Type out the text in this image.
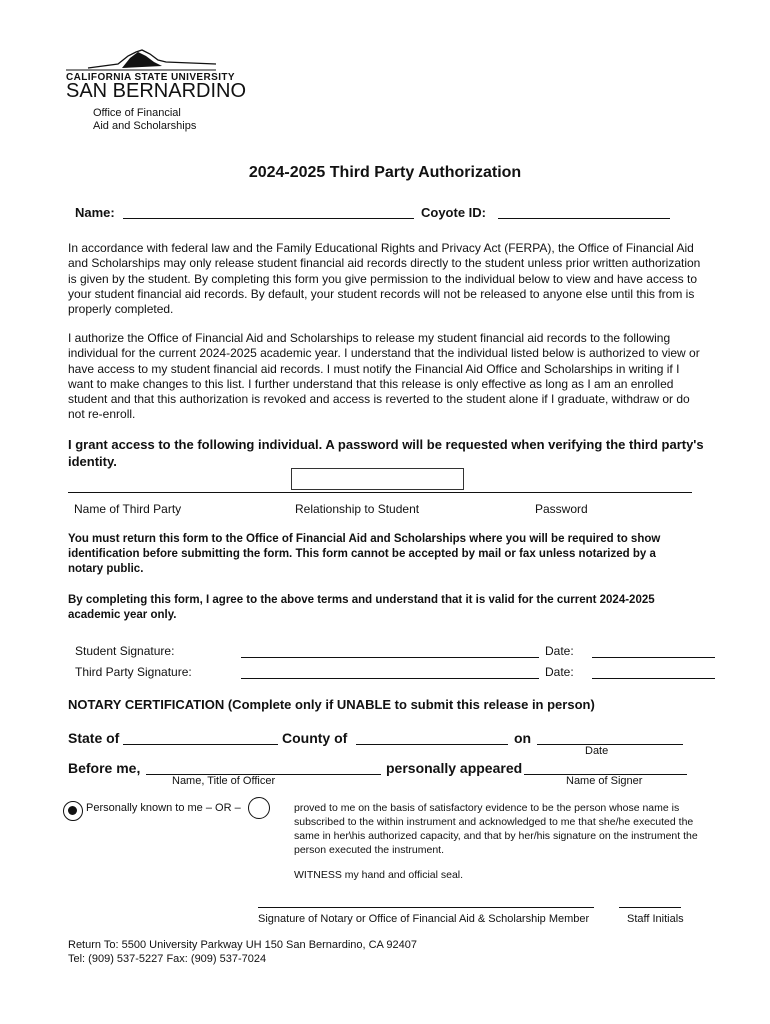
CALIFORNIA STATE UNIVERSITY
SAN BERNARDINO
Office of Financial
Aid and Scholarships
2024-2025 Third Party Authorization
Name:	Coyote ID:
In accordance with federal law and the Family Educational Rights and Privacy Act (FERPA), the Office of Financial Aid and Scholarships may only release student financial aid records directly to the student unless prior written authorization is given by the student. By completing this form you give permission to the individual below to view and have access to your student financial aid records. By default, your student records will not be released to anyone else until this from is properly completed.
I authorize the Office of Financial Aid and Scholarships to release my student financial aid records to the following individual for the current 2024-2025 academic year. I understand that the individual listed below is authorized to view or have access to my student financial aid records. I must notify the Financial Aid Office and Scholarships in writing if I want to make changes to this list. I further understand that this release is only effective as long as I am an enrolled student and that this authorization is revoked and access is reverted to the student alone if I graduate, withdraw or do not re-enroll.
I grant access to the following individual. A password will be requested when verifying the third party's identity.
Name of Third Party	Relationship to Student	Password
You must return this form to the Office of Financial Aid and Scholarships where you will be required to show identification before submitting the form. This form cannot be accepted by mail or fax unless notarized by a notary public.
By completing this form, I agree to the above terms and understand that it is valid for the current 2024-2025 academic year only.
Student Signature:	Date:
Third Party Signature:	Date:
NOTARY CERTIFICATION (Complete only if UNABLE to submit this release in person)
State of	County of	on
Date
Before me,	personally appeared
Name, Title of Officer	Name of Signer
Personally known to me – OR –	proved to me on the basis of satisfactory evidence to be the person whose name is subscribed to the within instrument and acknowledged to me that she/he executed the same in her\his authorized capacity, and that by her/his signature on the instrument the person executed the instrument.
WITNESS my hand and official seal.
Signature of Notary or Office of Financial Aid & Scholarship Member	Staff Initials
Return To: 5500 University Parkway UH 150 San Bernardino, CA 92407
Tel: (909) 537-5227 Fax: (909) 537-7024
